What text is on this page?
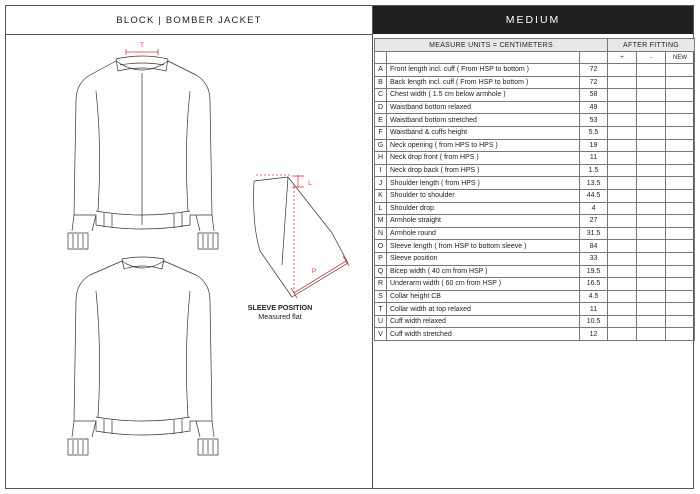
BLOCK | BOMBER JACKET	MEDIUM
T
L
P
SLEEVE POSITION
Measured flat
MEASURE UNITS = CENTIMETERS			AFTER FITTING		
			+	-	NEW
A	Front length incl. cuff ( From HSP to bottom )	72			
B	Back length incl. cuff ( From HSP to bottom )	72			
C	Chest width ( 1.5 cm below armhole )	58			
D	Waistband bottom relaxed	49			
E	Waistband bottom stretched	53			
F	Waistband & cuffs height	5.5			
G	Neck opening ( from HPS to HPS )	19			
H	Neck drop front ( from HPS )	11			
I	Neck drop back ( from HPS )	1.5			
J	Shoulder length ( from HPS )	13.5			
K	Shoulder to shoulder	44.5			
L	Shoulder drop	4			
M	Armhole straight	27			
N	Armhole round	31.5			
O	Sleeve length ( from HSP to bottom sleeve )	84			
P	Sleeve position	33			
Q	Bicep width ( 40 cm from HSP )	19.5			
R	Underarm width ( 60 cm from HSP )	16.5			
S	Collar height CB	4.5			
T	Collar width at top relaxed	11			
U	Cuff width relaxed	10.5			
V	Cuff width stretched	12			
